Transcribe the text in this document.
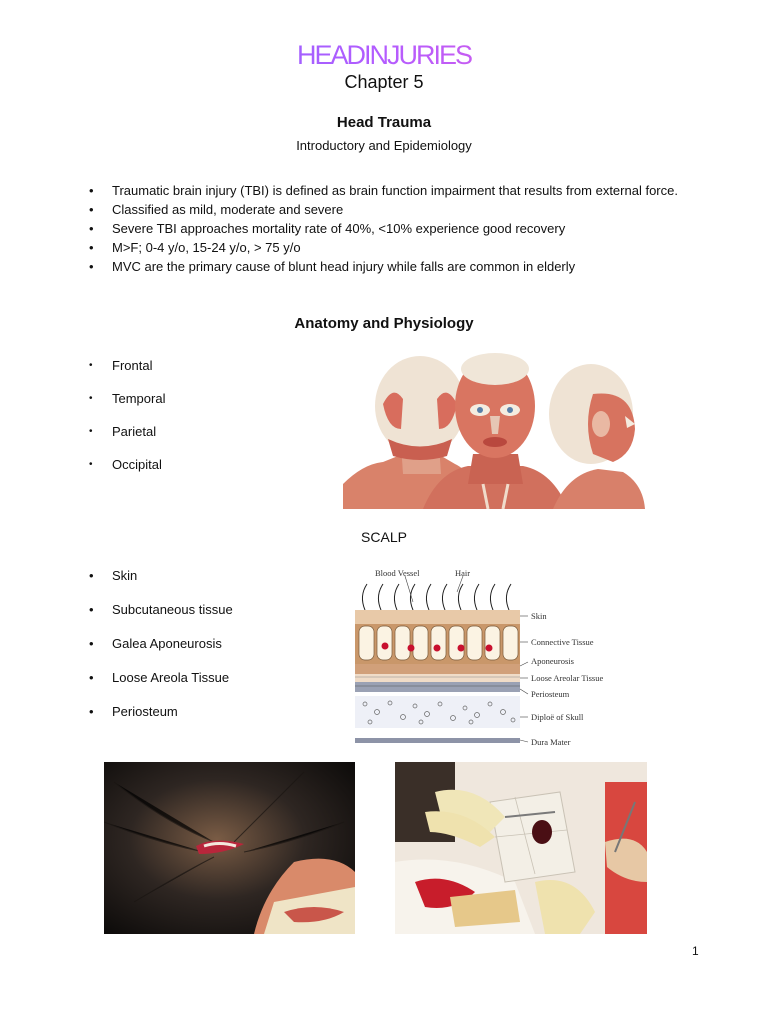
HEADINJURIES
Chapter 5
Head Trauma
Introductory and Epidemiology
• Traumatic brain injury (TBI) is defined as brain function impairment that results from external force.
• Classified as mild, moderate and severe
• Severe TBI approaches mortality rate of 40%, <10% experience good recovery
• M>F; 0-4 y/o, 15-24 y/o, > 75 y/o
• MVC are the primary cause of blunt head injury while falls are common in elderly
Anatomy and Physiology
• Frontal
• Temporal
• Parietal
• Occipital
SCALP
• Skin
• Subcutaneous tissue
• Galea Aponeurosis
• Loose Areola Tissue
• Periosteum
Blood Vessel	Hair
Skin
Connective Tissue
Aponeurosis
Loose Areolar Tissue
Periosteum
Diploë of Skull
Dura Mater
1
